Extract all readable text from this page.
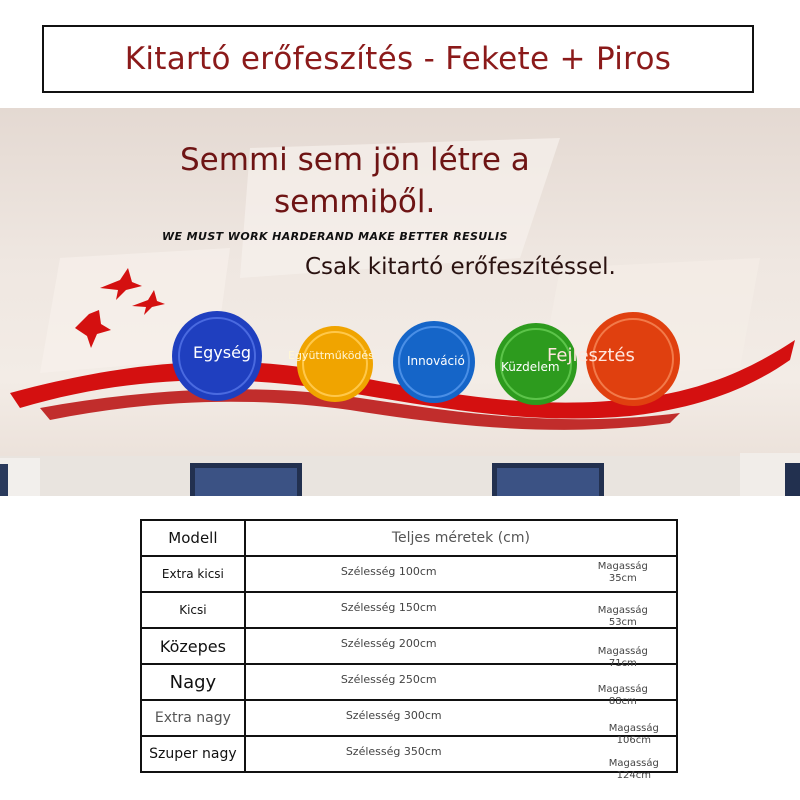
Kitartó erőfeszítés - Fekete + Piros
Semmi sem jön létre a
semmiből.
WE MUST WORK HARDERAND MAKE BETTER RESULIS
Csak kitartó erőfeszítéssel.
Egység	Együttműködés	Innováció	Küzdelem
Fejlesztés
Modell	Teljes méretek (cm)
Extra kicsi	Szélesség 100cm Magasság
35cm

Kicsi	Szélesség 150cm Magasság
53cm

Közepes	Szélesség 200cm
Magasság
71cm

Nagy	Szélesség 250cm
Magasság
88cm

Extra nagy	Szélesség 300cm
Magasság
106cm

Szuper nagy	Szélesség 350cm
Magasság
124cm
